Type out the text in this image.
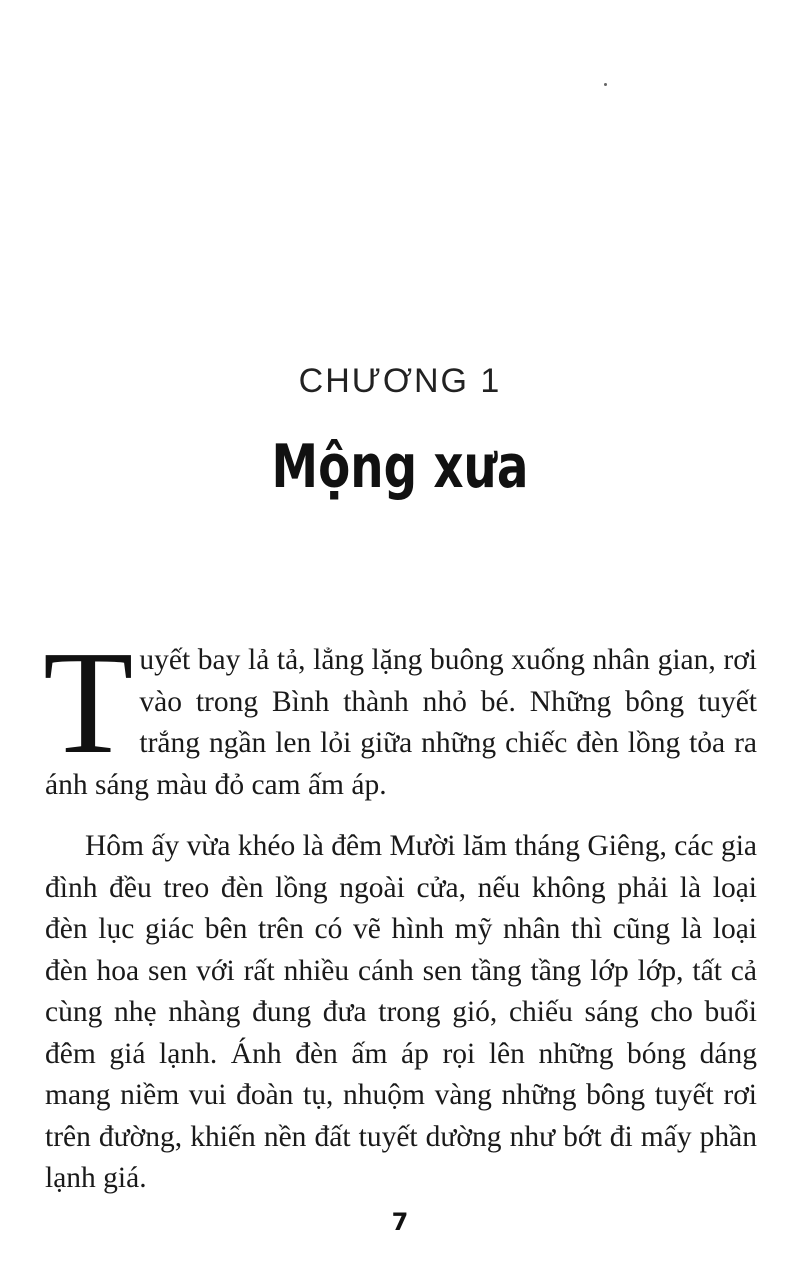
CHƯƠNG 1
Mộng xưa

Tuyết bay lả tả, lẳng lặng buông xuống nhân gian, rơi vào trong Bình thành nhỏ bé. Những bông tuyết trắng ngần len lỏi giữa những chiếc đèn lồng tỏa ra ánh sáng màu đỏ cam ấm áp.

Hôm ấy vừa khéo là đêm Mười lăm tháng Giêng, các gia đình đều treo đèn lồng ngoài cửa, nếu không phải là loại đèn lục giác bên trên có vẽ hình mỹ nhân thì cũng là loại đèn hoa sen với rất nhiều cánh sen tầng tầng lớp lớp, tất cả cùng nhẹ nhàng đung đưa trong gió, chiếu sáng cho buổi đêm giá lạnh. Ánh đèn ấm áp rọi lên những bóng dáng mang niềm vui đoàn tụ, nhuộm vàng những bông tuyết rơi trên đường, khiến nền đất tuyết dường như bớt đi mấy phần lạnh giá.

7
